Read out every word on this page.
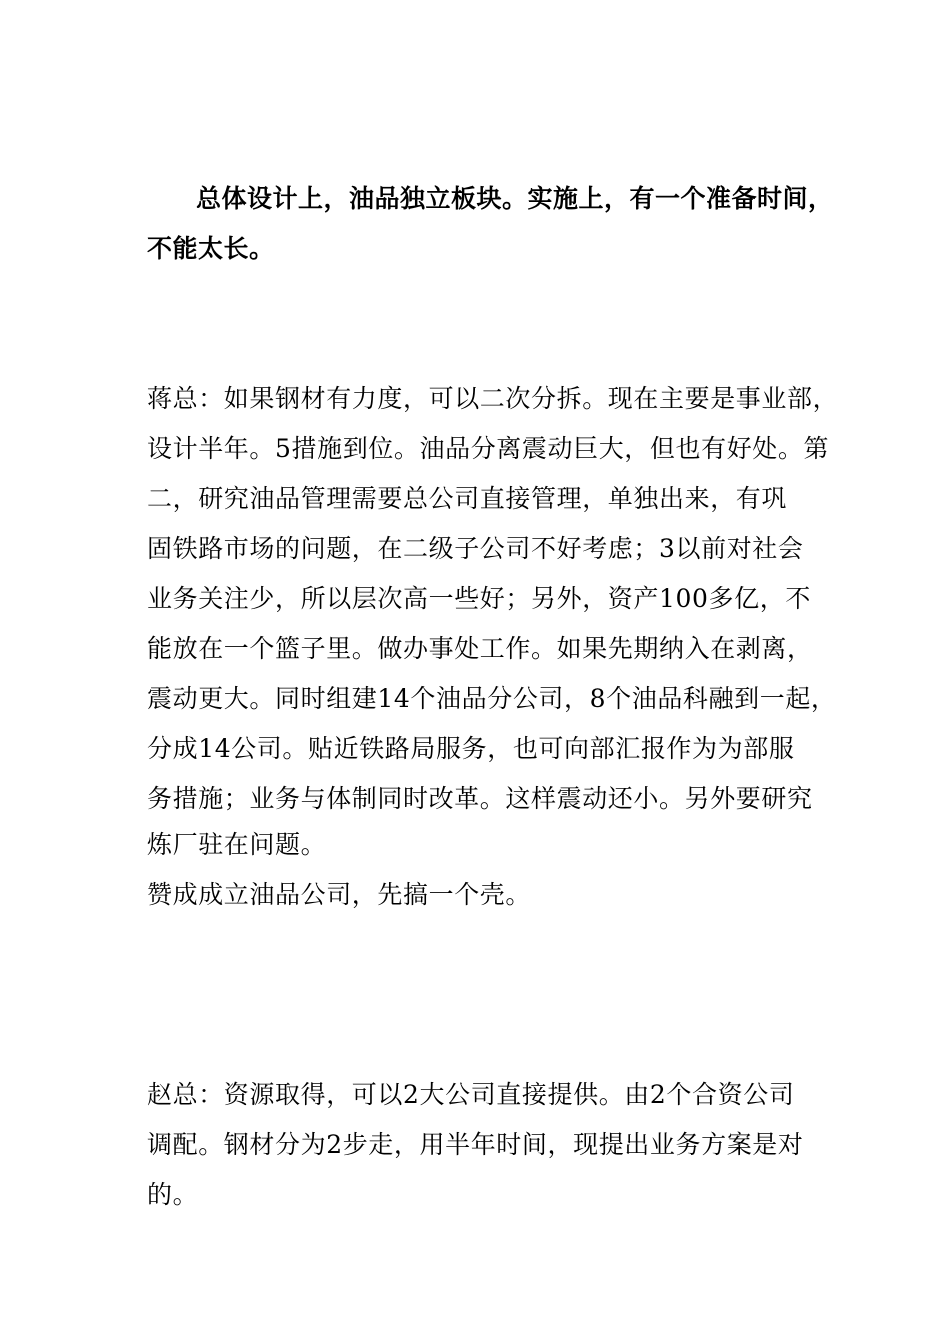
总体设计上，油品独立板块。实施上，有一个准备时间，
不能太长。
蒋总：如果钢材有力度，可以二次分拆。现在主要是事业部，
设计半年。5措施到位。油品分离震动巨大，但也有好处。第
二，研究油品管理需要总公司直接管理，单独出来，有巩
固铁路市场的问题，在二级子公司不好考虑；3以前对社会
业务关注少，所以层次高一些好；另外，资产100多亿，不
能放在一个篮子里。做办事处工作。如果先期纳入在剥离，
震动更大。同时组建14个油品分公司，8个油品科融到一起，
分成14公司。贴近铁路局服务，也可向部汇报作为为部服
务措施；业务与体制同时改革。这样震动还小。另外要研究
炼厂驻在问题。
赞成成立油品公司，先搞一个壳。
赵总：资源取得，可以2大公司直接提供。由2个合资公司
调配。钢材分为2步走，用半年时间，现提出业务方案是对
的。
